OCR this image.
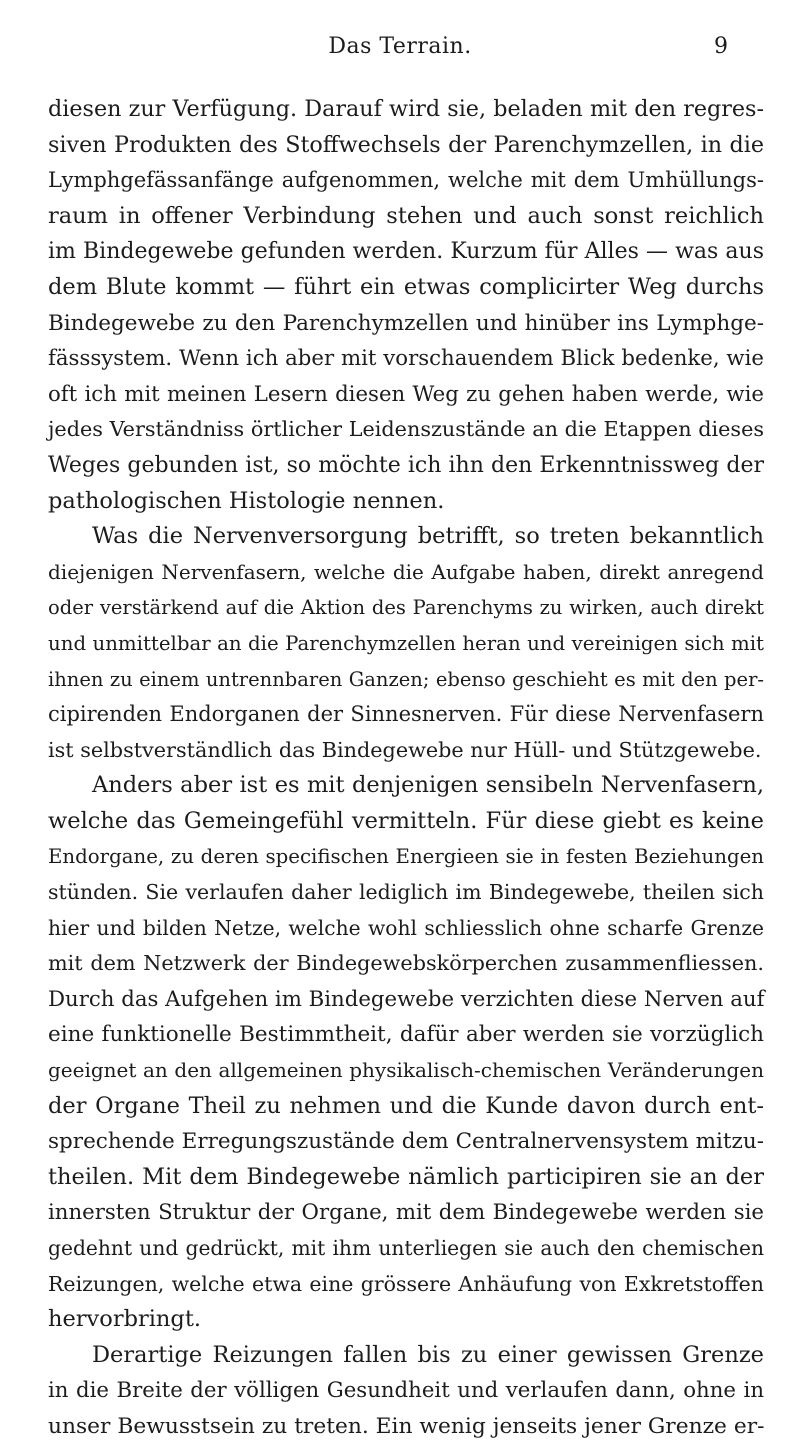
Das Terrain.	9
diesen zur Verfügung. Darauf wird sie, beladen mit den regres-
siven Produkten des Stoffwechsels der Parenchymzellen, in die
Lymphgefässanfänge aufgenommen, welche mit dem Umhüllungs-
raum in offener Verbindung stehen und auch sonst reichlich
im Bindegewebe gefunden werden. Kurzum für Alles — was aus
dem Blute kommt — führt ein etwas complicirter Weg durchs
Bindegewebe zu den Parenchymzellen und hinüber ins Lymphge-
fässsystem. Wenn ich aber mit vorschauendem Blick bedenke, wie
oft ich mit meinen Lesern diesen Weg zu gehen haben werde, wie
jedes Verständniss örtlicher Leidenszustände an die Etappen dieses
Weges gebunden ist, so möchte ich ihn den Erkenntnissweg der
pathologischen Histologie nennen.
Was die Nervenversorgung betrifft, so treten bekanntlich
diejenigen Nervenfasern, welche die Aufgabe haben, direkt anregend
oder verstärkend auf die Aktion des Parenchyms zu wirken, auch direkt
und unmittelbar an die Parenchymzellen heran und vereinigen sich mit
ihnen zu einem untrennbaren Ganzen; ebenso geschieht es mit den per-
cipirenden Endorganen der Sinnesnerven. Für diese Nervenfasern
ist selbstverständlich das Bindegewebe nur Hüll- und Stützgewebe.
Anders aber ist es mit denjenigen sensibeln Nervenfasern,
welche das Gemeingefühl vermitteln. Für diese giebt es keine
Endorgane, zu deren specifischen Energieen sie in festen Beziehungen
stünden. Sie verlaufen daher lediglich im Bindegewebe, theilen sich
hier und bilden Netze, welche wohl schliesslich ohne scharfe Grenze
mit dem Netzwerk der Bindegewebskörperchen zusammenfliessen.
Durch das Aufgehen im Bindegewebe verzichten diese Nerven auf
eine funktionelle Bestimmtheit, dafür aber werden sie vorzüglich
geeignet an den allgemeinen physikalisch-chemischen Veränderungen
der Organe Theil zu nehmen und die Kunde davon durch ent-
sprechende Erregungszustände dem Centralnervensystem mitzu-
theilen. Mit dem Bindegewebe nämlich participiren sie an der
innersten Struktur der Organe, mit dem Bindegewebe werden sie
gedehnt und gedrückt, mit ihm unterliegen sie auch den chemischen
Reizungen, welche etwa eine grössere Anhäufung von Exkretstoffen
hervorbringt.
Derartige Reizungen fallen bis zu einer gewissen Grenze
in die Breite der völligen Gesundheit und verlaufen dann, ohne in
unser Bewusstsein zu treten. Ein wenig jenseits jener Grenze er-
